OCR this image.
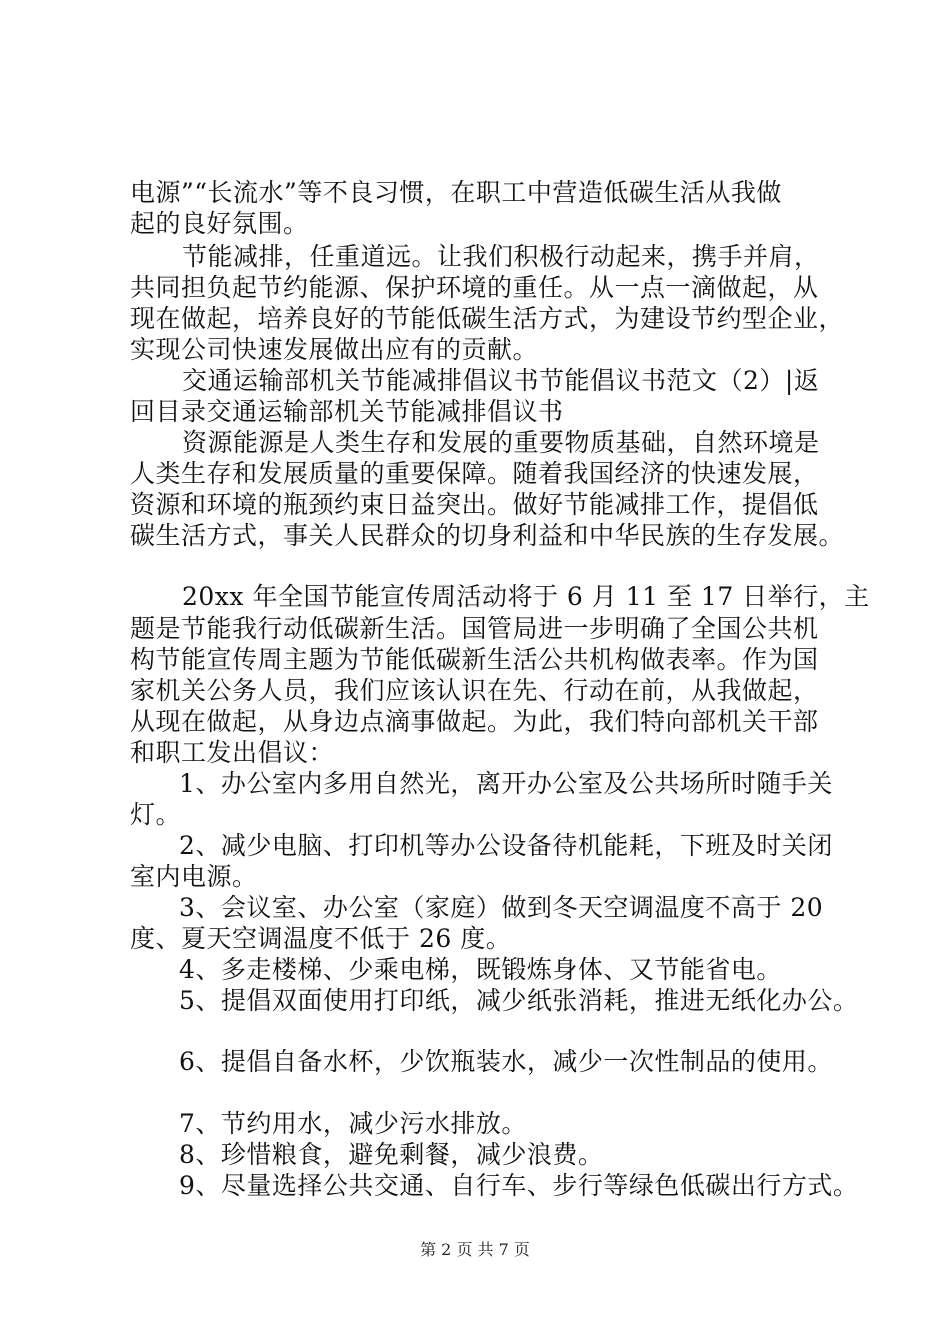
电源”“长流水”等不良习惯，在职工中营造低碳生活从我做
起的良好氛围。
节能减排，任重道远。让我们积极行动起来，携手并肩，
共同担负起节约能源、保护环境的重任。从一点一滴做起，从
现在做起，培养良好的节能低碳生活方式，为建设节约型企业，
实现公司快速发展做出应有的贡献。
交通运输部机关节能减排倡议书节能倡议书范文（2）|返
回目录交通运输部机关节能减排倡议书
资源能源是人类生存和发展的重要物质基础，自然环境是
人类生存和发展质量的重要保障。随着我国经济的快速发展，
资源和环境的瓶颈约束日益突出。做好节能减排工作，提倡低
碳生活方式，事关人民群众的切身利益和中华民族的生存发展。
20xx 年全国节能宣传周活动将于 6 月 11 至 17 日举行，主
题是节能我行动低碳新生活。国管局进一步明确了全国公共机
构节能宣传周主题为节能低碳新生活公共机构做表率。作为国
家机关公务人员，我们应该认识在先、行动在前，从我做起，
从现在做起，从身边点滴事做起。为此，我们特向部机关干部
和职工发出倡议：
1、办公室内多用自然光，离开办公室及公共场所时随手关
灯。
2、减少电脑、打印机等办公设备待机能耗，下班及时关闭
室内电源。
3、会议室、办公室（家庭）做到冬天空调温度不高于 20
度、夏天空调温度不低于 26 度。
4、多走楼梯、少乘电梯，既锻炼身体、又节能省电。
5、提倡双面使用打印纸，减少纸张消耗，推进无纸化办公。
6、提倡自备水杯，少饮瓶装水，减少一次性制品的使用。
7、节约用水，减少污水排放。
8、珍惜粮食，避免剩餐，减少浪费。
9、尽量选择公共交通、自行车、步行等绿色低碳出行方式。
第 2 页 共 7 页
